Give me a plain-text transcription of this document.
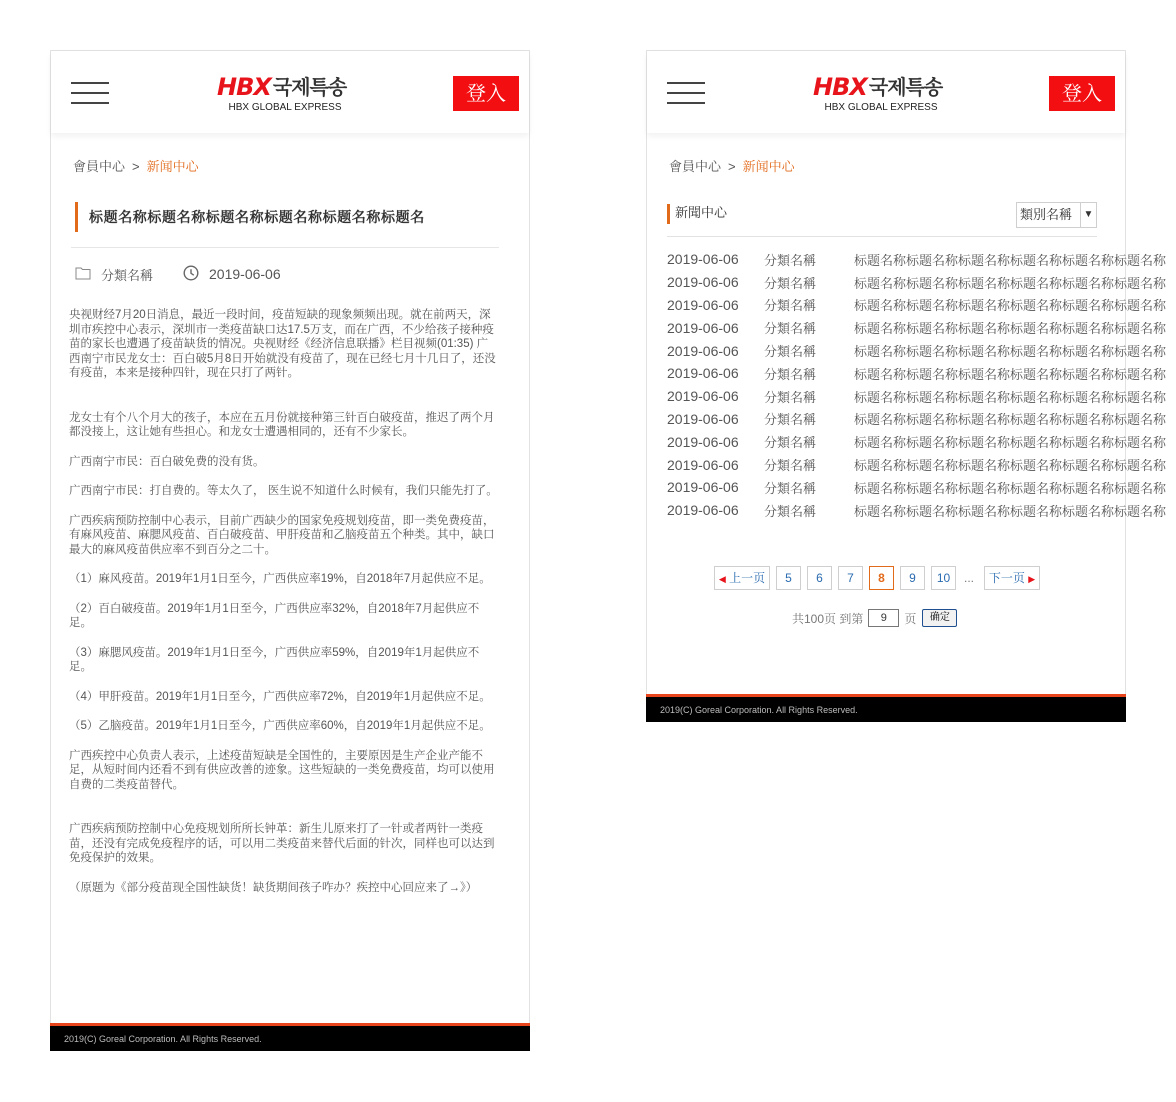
HBX 국제특송
HBX GLOBAL EXPRESS
登入
會員中心 > 新闻中心
标题名称标题名称标题名称标题名称标题名称标题名
分類名稱	2019-06-06

央视财经7月20日消息，最近一段时间，疫苗短缺的现象频频出现。就在前两天，深圳市疾控中心表示，深圳市一类疫苗缺口达17.5万支，而在广西，不少给孩子接种疫苗的家长也遭遇了疫苗缺货的情况。央视财经《经济信息联播》栏目视频(01:35) 广西南宁市民龙女士：百白破5月8日开始就没有疫苗了，现在已经七月十几日了，还没有疫苗，本来是接种四针，现在只打了两针。

龙女士有个八个月大的孩子，本应在五月份就接种第三针百白破疫苗，推迟了两个月都没接上，这让她有些担心。和龙女士遭遇相同的，还有不少家长。

广西南宁市民：百白破免费的没有货。

广西南宁市民：打自费的。等太久了， 医生说不知道什么时候有，我们只能先打了。

广西疾病预防控制中心表示，目前广西缺少的国家免疫规划疫苗，即一类免费疫苗，有麻风疫苗、麻腮风疫苗、百白破疫苗、甲肝疫苗和乙脑疫苗五个种类。其中，缺口最大的麻风疫苗供应率不到百分之二十。

（1）麻风疫苗。2019年1月1日至今，广西供应率19%，自2018年7月起供应不足。

（2）百白破疫苗。2019年1月1日至今，广西供应率32%，自2018年7月起供应不足。

（3）麻腮风疫苗。2019年1月1日至今，广西供应率59%，自2019年1月起供应不足。

（4）甲肝疫苗。2019年1月1日至今，广西供应率72%，自2019年1月起供应不足。

（5）乙脑疫苗。2019年1月1日至今，广西供应率60%，自2019年1月起供应不足。

广西疾控中心负责人表示，上述疫苗短缺是全国性的，主要原因是生产企业产能不足，从短时间内还看不到有供应改善的迹象。这些短缺的一类免费疫苗，均可以使用自费的二类疫苗替代。

广西疾病预防控制中心免疫规划所所长钟革：新生儿原来打了一针或者两针一类疫苗，还没有完成免疫程序的话，可以用二类疫苗来替代后面的针次，同样也可以达到免疫保护的效果。

（原题为《部分疫苗现全国性缺货！缺货期间孩子咋办？疾控中心回应来了→》）

2019(C) Goreal Corporation. All Rights Reserved.
HBX 국제특송
HBX GLOBAL EXPRESS
登入
會員中心 > 新闻中心
新聞中心	類別名稱	▼
2019-06-06	分類名稱	标题名称标题名称标题名称标题名称标题名称标题名称
2019-06-06	分類名稱	标题名称标题名称标题名称标题名称标题名称标题名称
2019-06-06	分類名稱	标题名称标题名称标题名称标题名称标题名称标题名称
2019-06-06	分類名稱	标题名称标题名称标题名称标题名称标题名称标题名称
2019-06-06	分類名稱	标题名称标题名称标题名称标题名称标题名称标题名称
2019-06-06	分類名稱	标题名称标题名称标题名称标题名称标题名称标题名称
2019-06-06	分類名稱	标题名称标题名称标题名称标题名称标题名称标题名称
2019-06-06	分類名稱	标题名称标题名称标题名称标题名称标题名称标题名称
2019-06-06	分類名稱	标题名称标题名称标题名称标题名称标题名称标题名称
2019-06-06	分類名稱	标题名称标题名称标题名称标题名称标题名称标题名称
2019-06-06	分類名稱	标题名称标题名称标题名称标题名称标题名称标题名称
2019-06-06	分類名稱	标题名称标题名称标题名称标题名称标题名称标题名称
◀ 上一页	5	6	7	8	9	10	...	下一页 ▶
共100页 到第
9	页	确定
2019(C) Goreal Corporation. All Rights Reserved.
